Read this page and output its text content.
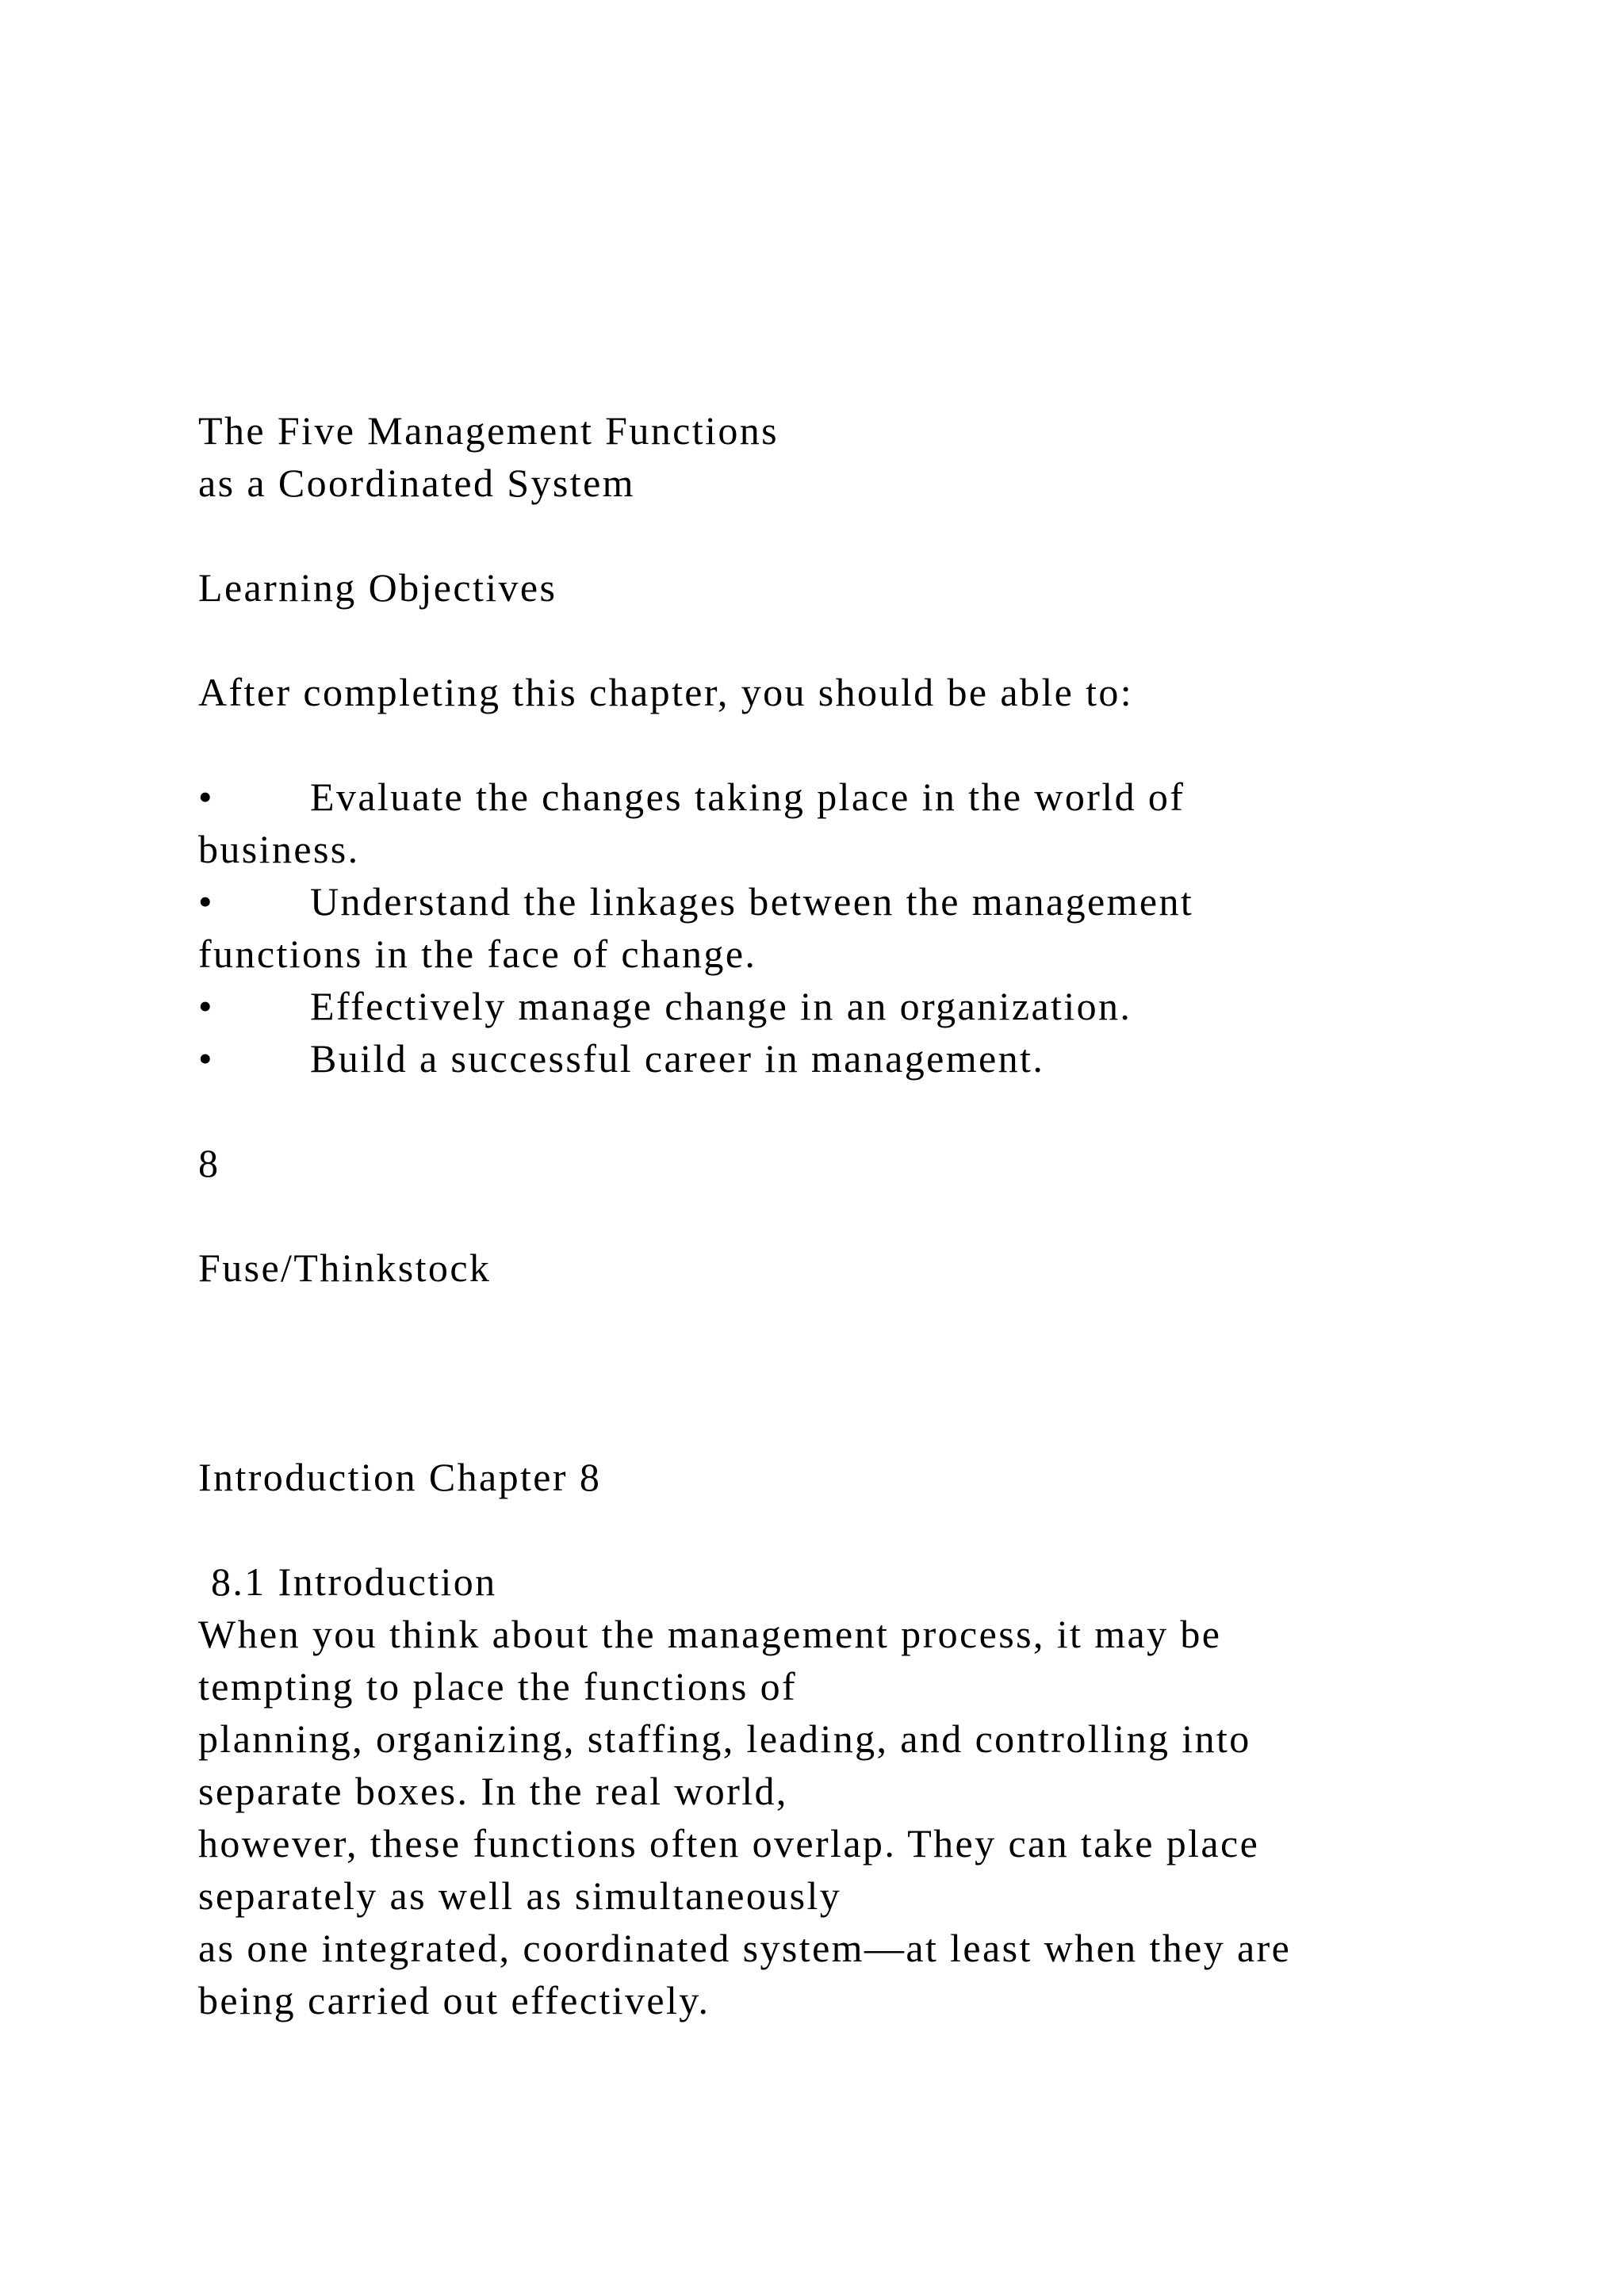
The Five Management Functions
as a Coordinated System
Learning Objectives
After completing this chapter, you should be able to:
•	Evaluate the changes taking place in the world of
business.
•	Understand the linkages between the management
functions in the face of change.
•	Effectively manage change in an organization.
•	Build a successful career in management.
8
Fuse/Thinkstock
Introduction Chapter 8
8.1 Introduction
When you think about the management process, it may be
tempting to place the functions of
planning, organizing, staffing, leading, and controlling into
separate boxes. In the real world,
however, these functions often overlap. They can take place
separately as well as simultaneously
as one integrated, coordinated system—at least when they are
being carried out effectively.
